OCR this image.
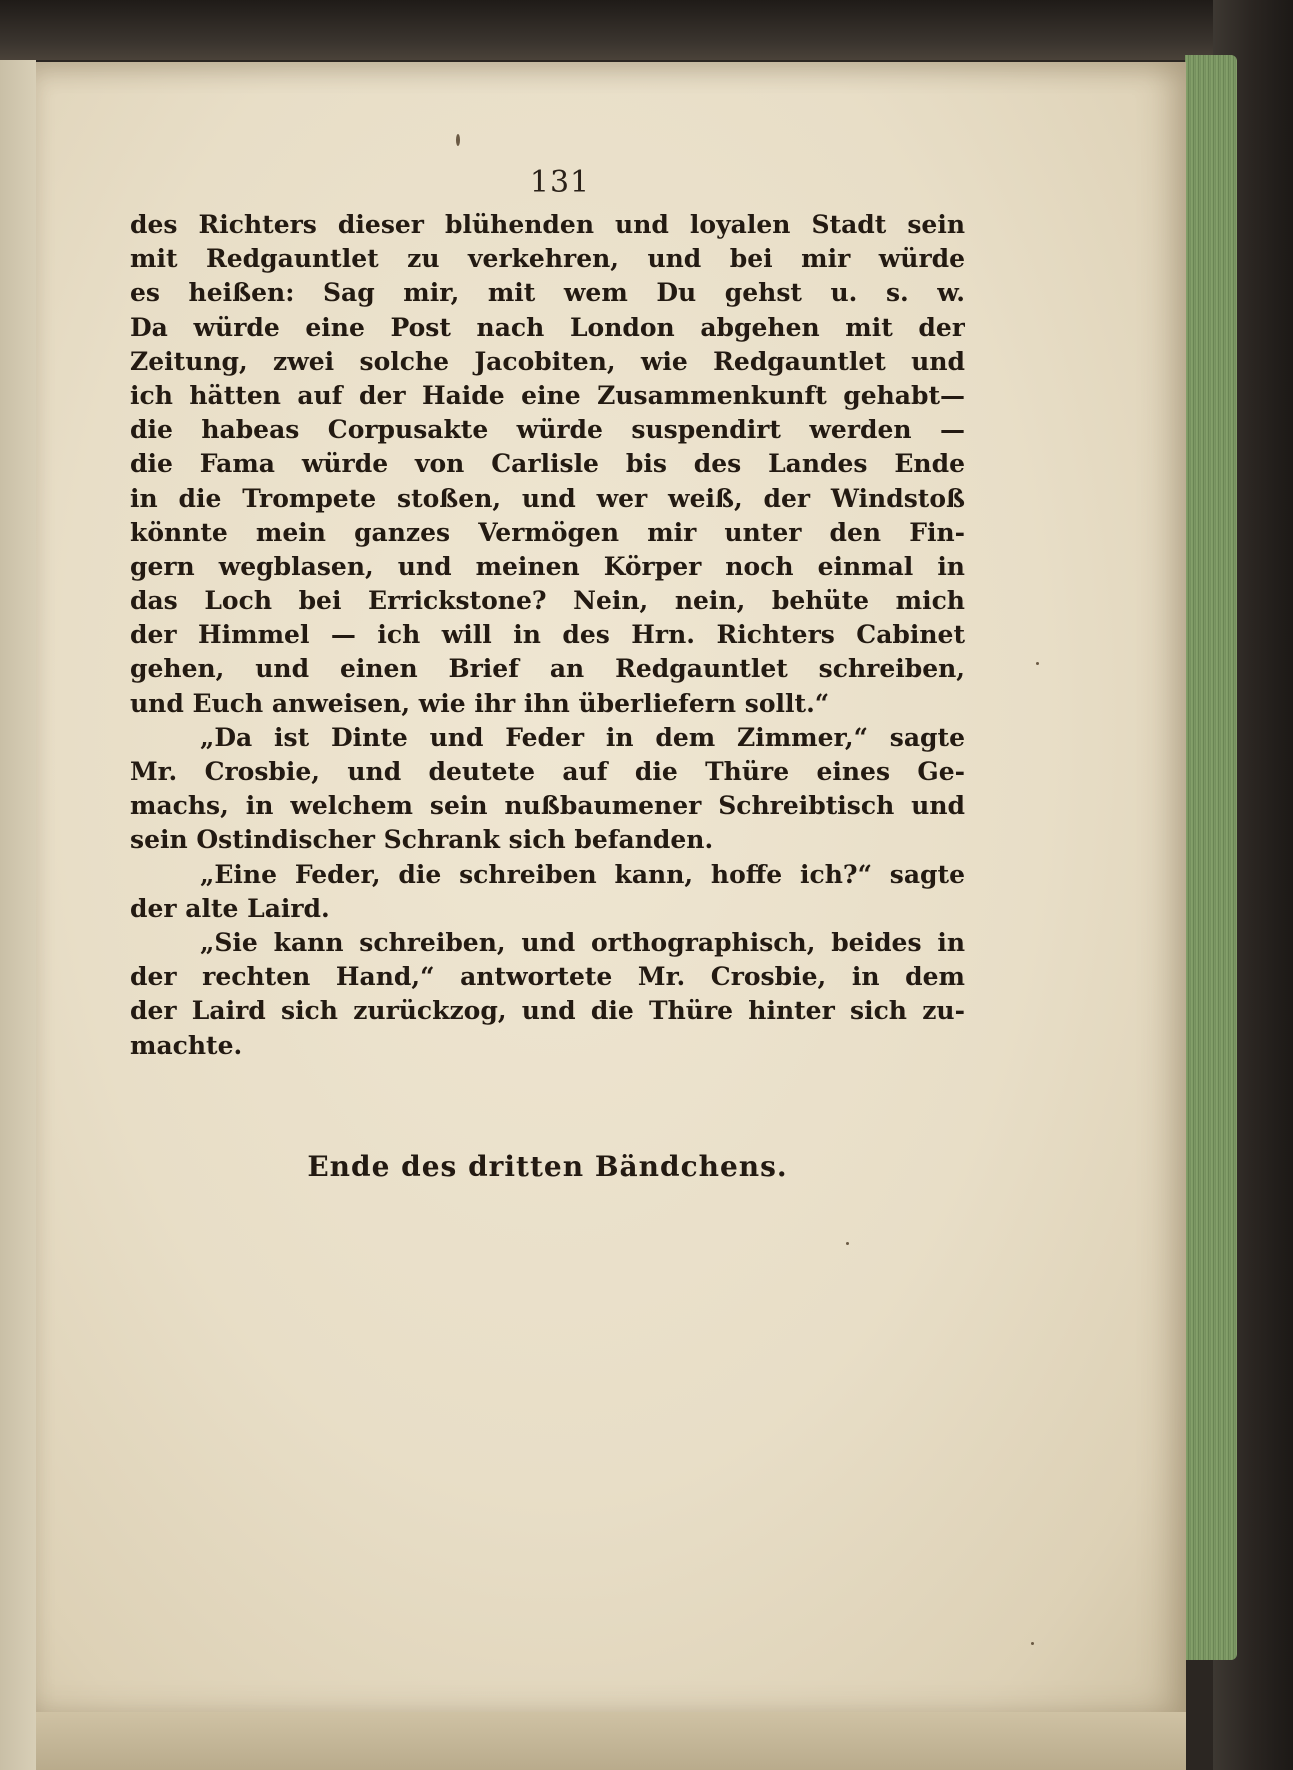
131
des Richters dieser blühenden und loyalen Stadt sein
mit Redgauntlet zu verkehren, und bei mir würde
es heißen: Sag mir, mit wem Du gehst u. s. w.
Da würde eine Post nach London abgehen mit der
Zeitung, zwei solche Jacobiten, wie Redgauntlet und
ich hätten auf der Haide eine Zusammenkunft gehabt—
die habeas Corpusakte würde suspendirt werden —
die Fama würde von Carlisle bis des Landes Ende
in die Trompete stoßen, und wer weiß, der Windstoß
könnte mein ganzes Vermögen mir unter den Fin-
gern wegblasen, und meinen Körper noch einmal in
das Loch bei Errickstone? Nein, nein, behüte mich
der Himmel — ich will in des Hrn. Richters Cabinet
gehen, und einen Brief an Redgauntlet schreiben,
und Euch anweisen, wie ihr ihn überliefern sollt.“
„Da ist Dinte und Feder in dem Zimmer,“ sagte
Mr. Crosbie, und deutete auf die Thüre eines Ge-
machs, in welchem sein nußbaumener Schreibtisch und
sein Ostindischer Schrank sich befanden.
„Eine Feder, die schreiben kann, hoffe ich?“ sagte
der alte Laird.
„Sie kann schreiben, und orthographisch, beides in
der rechten Hand,“ antwortete Mr. Crosbie, in dem
der Laird sich zurückzog, und die Thüre hinter sich zu-
machte.
Ende des dritten Bändchens.
